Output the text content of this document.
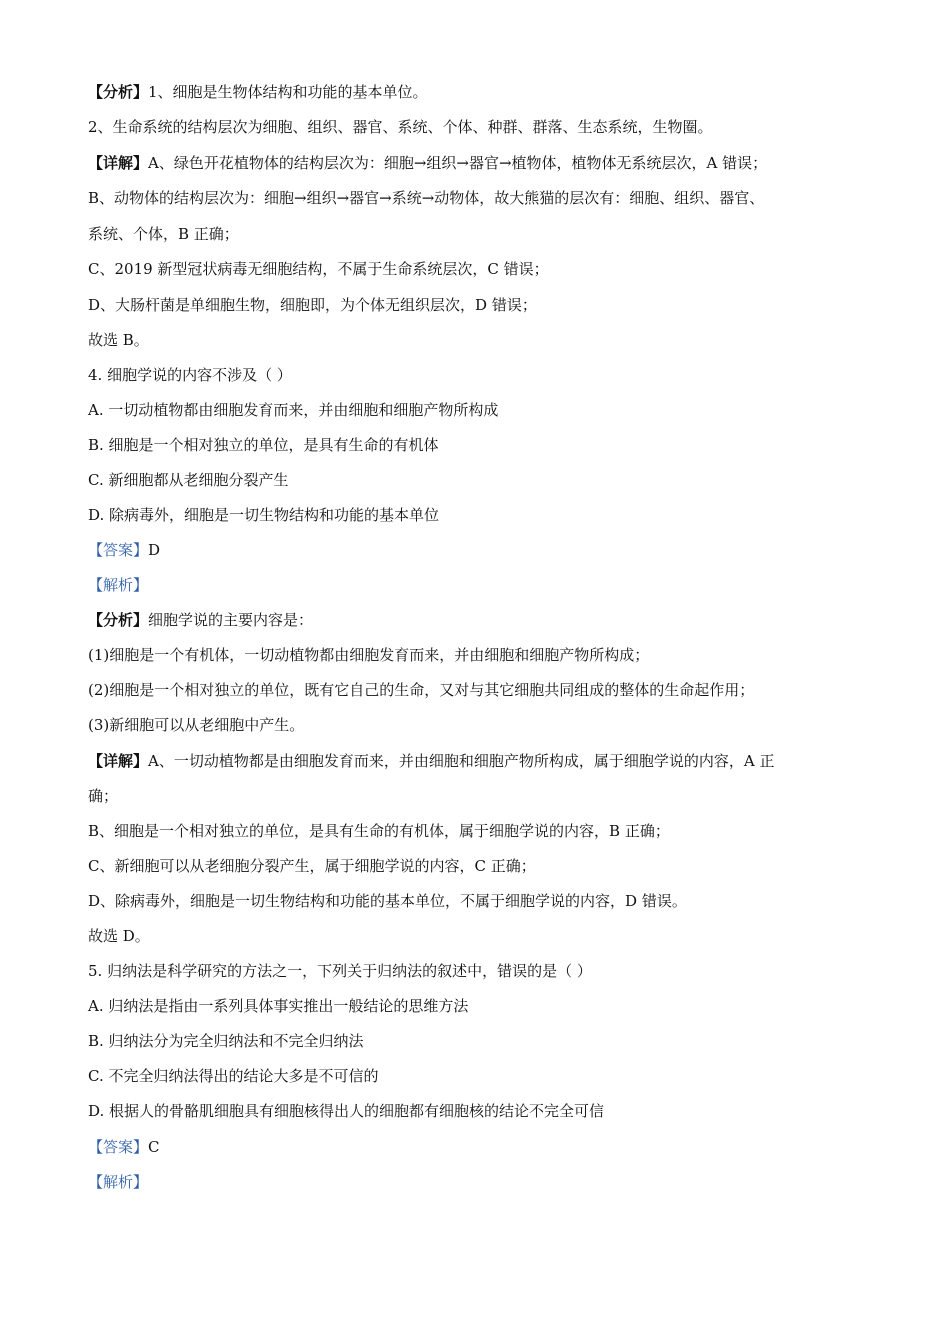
【分析】1、细胞是生物体结构和功能的基本单位。
2、生命系统的结构层次为细胞、组织、器官、系统、个体、种群、群落、生态系统，生物圈。
【详解】A、绿色开花植物体的结构层次为：细胞→组织→器官→植物体，植物体无系统层次，A 错误；
B、动物体的结构层次为：细胞→组织→器官→系统→动物体，故大熊猫的层次有：细胞、组织、器官、
系统、个体，B 正确；
C、2019 新型冠状病毒无细胞结构，不属于生命系统层次，C 错误；
D、大肠杆菌是单细胞生物，细胞即，为个体无组织层次，D 错误；
故选 B。
4. 细胞学说的内容不涉及（ ）
A. 一切动植物都由细胞发育而来，并由细胞和细胞产物所构成
B. 细胞是一个相对独立的单位，是具有生命的有机体
C. 新细胞都从老细胞分裂产生
D. 除病毒外，细胞是一切生物结构和功能的基本单位
【答案】D
【解析】
【分析】细胞学说的主要内容是：
(1)细胞是一个有机体，一切动植物都由细胞发育而来，并由细胞和细胞产物所构成；
(2)细胞是一个相对独立的单位，既有它自己的生命，又对与其它细胞共同组成的整体的生命起作用；
(3)新细胞可以从老细胞中产生。
【详解】A、一切动植物都是由细胞发育而来，并由细胞和细胞产物所构成，属于细胞学说的内容，A 正
确；
B、细胞是一个相对独立的单位，是具有生命的有机体，属于细胞学说的内容，B 正确；
C、新细胞可以从老细胞分裂产生，属于细胞学说的内容，C 正确；
D、除病毒外，细胞是一切生物结构和功能的基本单位，不属于细胞学说的内容，D 错误。
故选 D。
5. 归纳法是科学研究的方法之一，下列关于归纳法的叙述中，错误的是（ ）
A. 归纳法是指由一系列具体事实推出一般结论的思维方法
B. 归纳法分为完全归纳法和不完全归纳法
C. 不完全归纳法得出的结论大多是不可信的
D. 根据人的骨骼肌细胞具有细胞核得出人的细胞都有细胞核的结论不完全可信
【答案】C
【解析】
